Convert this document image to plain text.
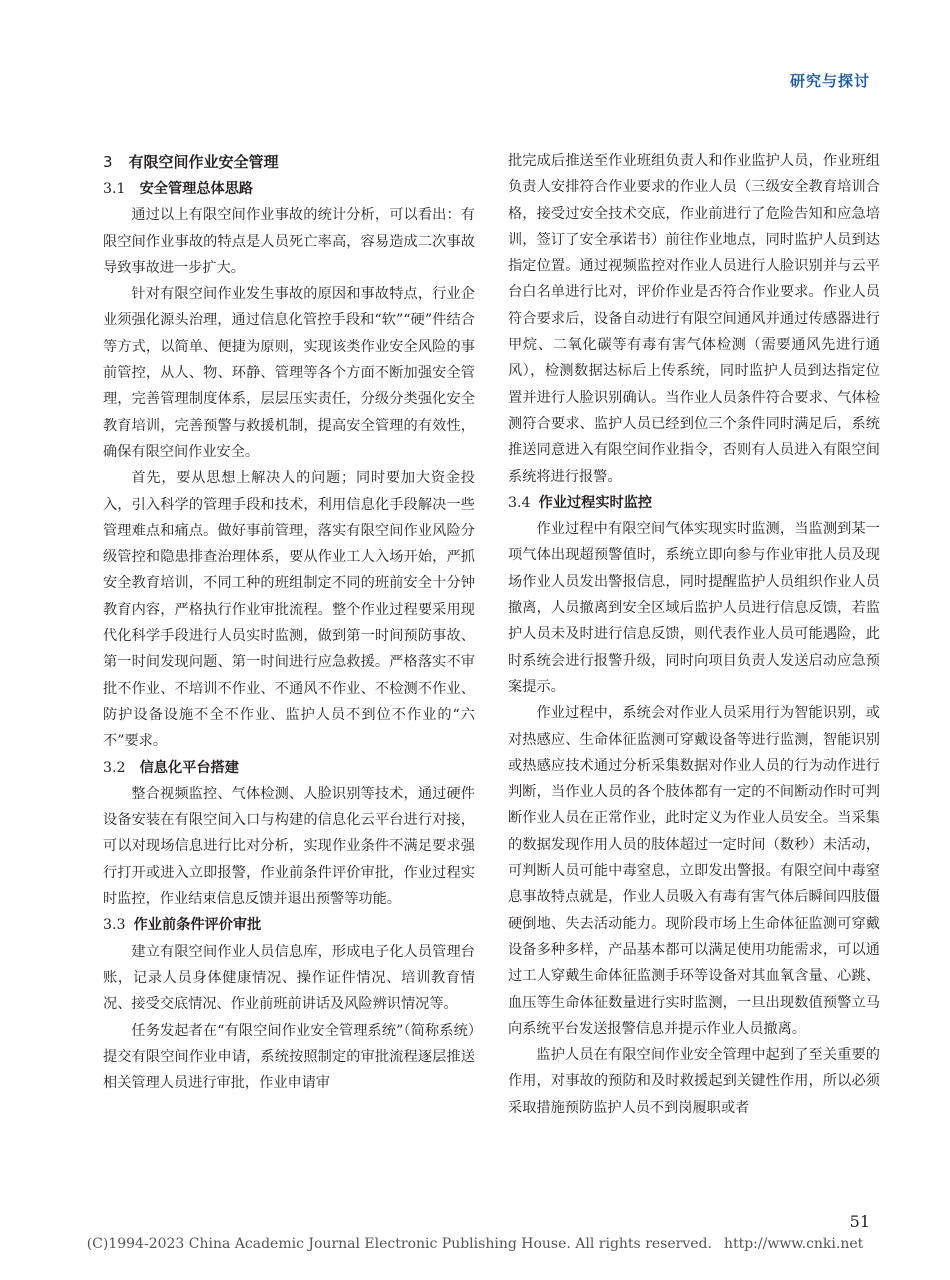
研究与探讨
3 有限空间作业安全管理
3.1 安全管理总体思路

通过以上有限空间作业事故的统计分析，可以看出：有限空间作业事故的特点是人员死亡率高，容易造成二次事故导致事故进一步扩大。

针对有限空间作业发生事故的原因和事故特点，行业企业须强化源头治理，通过信息化管控手段和“软”“硬”件结合等方式，以简单、便捷为原则，实现该类作业安全风险的事前管控，从人、物、环静、管理等各个方面不断加强安全管理，完善管理制度体系，层层压实责任，分级分类强化安全教育培训，完善预警与救援机制，提高安全管理的有效性，确保有限空间作业安全。

首先，要从思想上解决人的问题；同时要加大资金投入，引入科学的管理手段和技术，利用信息化手段解决一些管理难点和痛点。做好事前管理，落实有限空间作业风险分级管控和隐患排查治理体系，要从作业工人入场开始，严抓安全教育培训，不同工种的班组制定不同的班前安全十分钟教育内容，严格执行作业审批流程。整个作业过程要采用现代化科学手段进行人员实时监测，做到第一时间预防事故、第一时间发现问题、第一时间进行应急救援。严格落实不审批不作业、不培训不作业、不通风不作业、不检测不作业、防护设备设施不全不作业、监护人员不到位不作业的“六不”要求。

3.2 信息化平台搭建

整合视频监控、气体检测、人脸识别等技术，通过硬件设备安装在有限空间入口与构建的信息化云平台进行对接，可以对现场信息进行比对分析，实现作业条件不满足要求强行打开或进入立即报警，作业前条件评价审批，作业过程实时监控，作业结束信息反馈并退出预警等功能。

3.3 作业前条件评价审批

建立有限空间作业人员信息库，形成电子化人员管理台账，记录人员身体健康情况、操作证件情况、培训教育情况、接受交底情况、作业前班前讲话及风险辨识情况等。

任务发起者在“有限空间作业安全管理系统”（简称系统）提交有限空间作业申请，系统按照制定的审批流程逐层推送相关管理人员进行审批，作业申请审

批完成后推送至作业班组负责人和作业监护人员，作业班组负责人安排符合作业要求的作业人员（三级安全教育培训合格，接受过安全技术交底，作业前进行了危险告知和应急培训，签订了安全承诺书）前往作业地点，同时监护人员到达指定位置。通过视频监控对作业人员进行人脸识别并与云平台白名单进行比对，评价作业是否符合作业要求。作业人员符合要求后，设备自动进行有限空间通风并通过传感器进行甲烷、二氧化碳等有毒有害气体检测（需要通风先进行通风），检测数据达标后上传系统，同时监护人员到达指定位置并进行人脸识别确认。当作业人员条件符合要求、气体检测符合要求、监护人员已经到位三个条件同时满足后，系统推送同意进入有限空间作业指令，否则有人员进入有限空间系统将进行报警。

3.4 作业过程实时监控

作业过程中有限空间气体实现实时监测，当监测到某一项气体出现超预警值时，系统立即向参与作业审批人员及现场作业人员发出警报信息，同时提醒监护人员组织作业人员撤离，人员撤离到安全区域后监护人员进行信息反馈，若监护人员未及时进行信息反馈，则代表作业人员可能遇险，此时系统会进行报警升级，同时向项目负责人发送启动应急预案提示。

作业过程中，系统会对作业人员采用行为智能识别，或对热感应、生命体征监测可穿戴设备等进行监测，智能识别或热感应技术通过分析采集数据对作业人员的行为动作进行判断，当作业人员的各个肢体都有一定的不间断动作时可判断作业人员在正常作业，此时定义为作业人员安全。当采集的数据发现作用人员的肢体超过一定时间（数秒）未活动，可判断人员可能中毒窒息，立即发出警报。有限空间中毒窒息事故特点就是，作业人员吸入有毒有害气体后瞬间四肢僵硬倒地、失去活动能力。现阶段市场上生命体征监测可穿戴设备多种多样，产品基本都可以满足使用功能需求，可以通过工人穿戴生命体征监测手环等设备对其血氧含量、心跳、血压等生命体征数量进行实时监测，一旦出现数值预警立马向系统平台发送报警信息并提示作业人员撤离。

监护人员在有限空间作业安全管理中起到了至关重要的作用，对事故的预防和及时救援起到关键性作用，所以必须采取措施预防监护人员不到岗履职或者

51
(C)1994-2023 China Academic Journal Electronic Publishing House. All rights reserved. http://www.cnki.net
